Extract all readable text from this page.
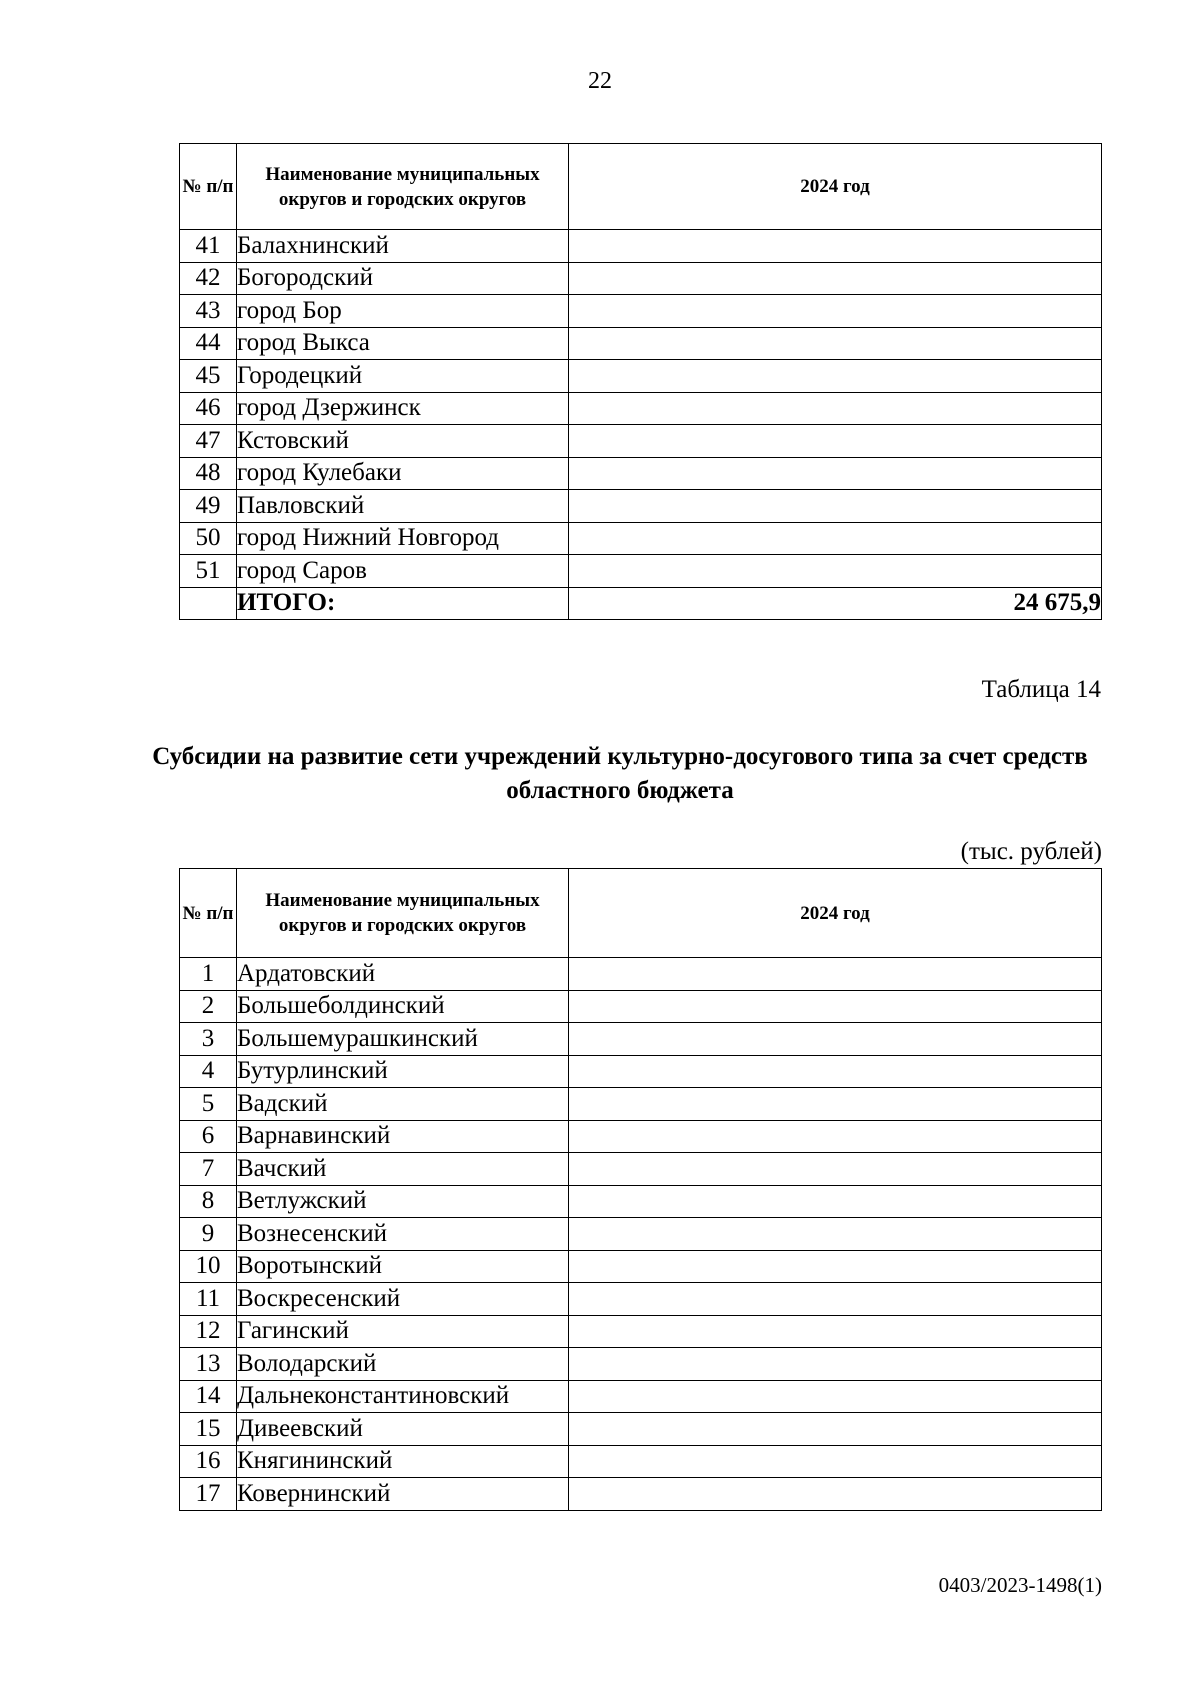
22
№ п/п	Наименование муниципальных округов и городских округов	2024 год
41	Балахнинский	
42	Богородский	
43	город Бор	
44	город Выкса	
45	Городецкий	
46	город Дзержинск	
47	Кстовский	
48	город Кулебаки	
49	Павловский	
50	город Нижний Новгород	
51	город Саров	
	ИТОГО:	24 675,9
Таблица 14
Субсидии на развитие сети учреждений культурно-досугового типа за счет средств областного бюджета
(тыс. рублей)
№ п/п	Наименование муниципальных округов и городских округов	2024 год
1	Ардатовский	
2	Большеболдинский	
3	Большемурашкинский	
4	Бутурлинский	
5	Вадский	
6	Варнавинский	
7	Вачский	
8	Ветлужский	
9	Вознесенский	
10	Воротынский	
11	Воскресенский	
12	Гагинский	
13	Володарский	
14	Дальнеконстантиновский	
15	Дивеевский	
16	Княгининский	
17	Ковернинский	
0403/2023-1498(1)
